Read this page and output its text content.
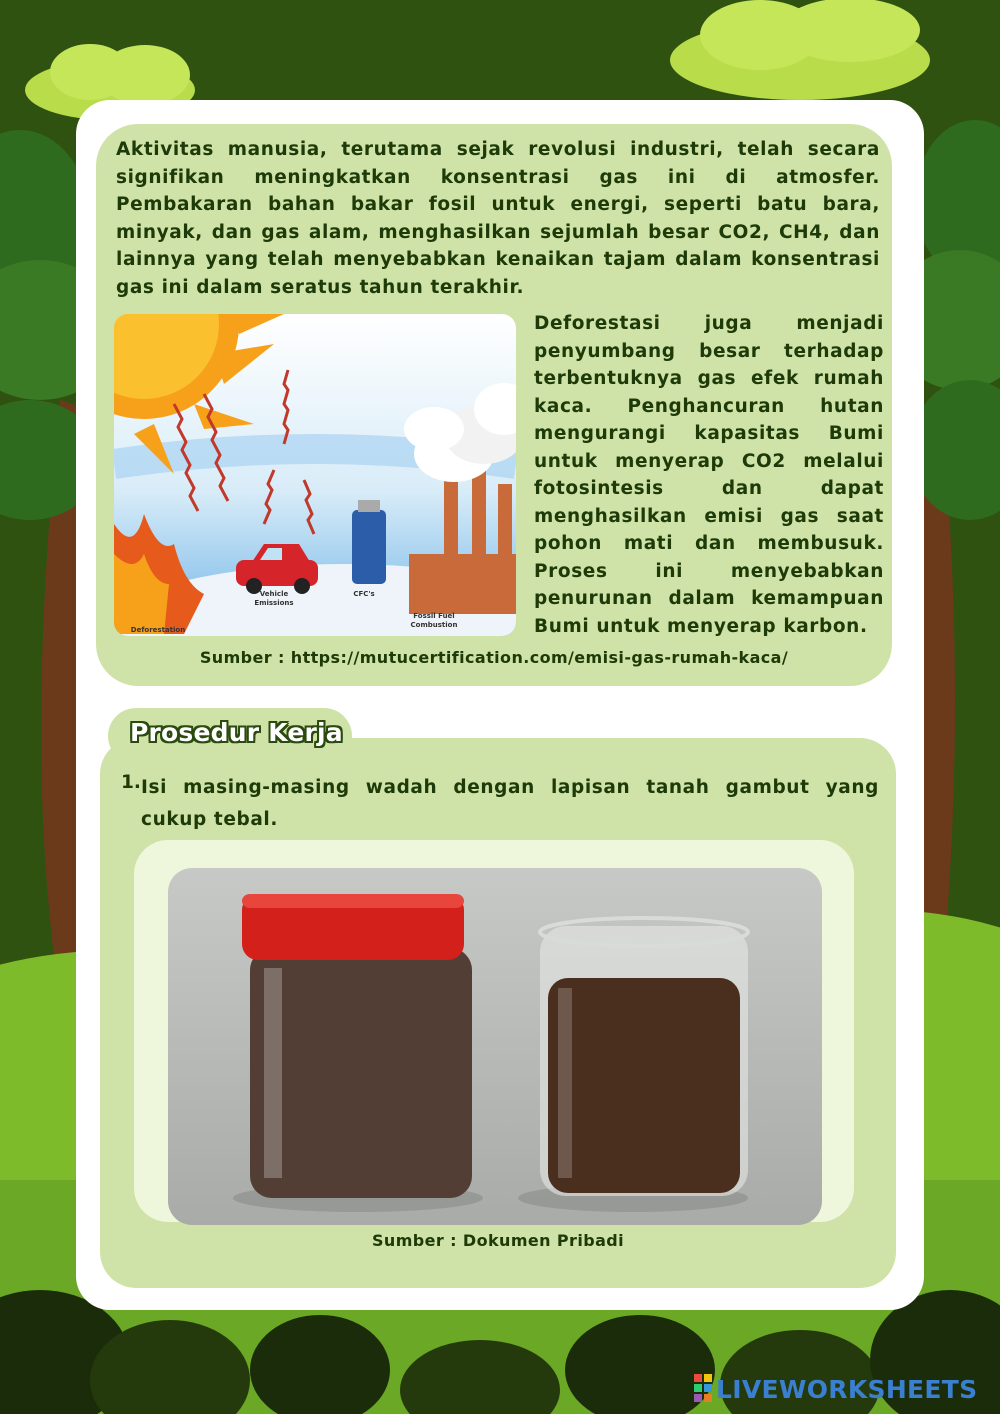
Aktivitas manusia, terutama sejak revolusi industri, telah secara signifikan meningkatkan konsentrasi gas ini di atmosfer. Pembakaran bahan bakar fosil untuk energi, seperti batu bara, minyak, dan gas alam, menghasilkan sejumlah besar CO2, CH4, dan lainnya yang telah menyebabkan kenaikan tajam dalam konsentrasi gas ini dalam seratus tahun terakhir.

Vehicle
Emissions
CFC's
Fossil Fuel
Combustion
Deforestation

Deforestasi juga menjadi penyumbang besar terhadap terbentuknya gas efek rumah kaca. Penghancuran hutan mengurangi kapasitas Bumi untuk menyerap CO2 melalui fotosintesis dan dapat menghasilkan emisi gas saat pohon mati dan membusuk. Proses ini menyebabkan penurunan dalam kemampuan Bumi untuk menyerap karbon.

Sumber : https://mutucertification.com/emisi-gas-rumah-kaca/
Prosedur Kerja
1. Isi masing-masing wadah dengan lapisan tanah gambut yang cukup tebal.

Sumber : Dokumen Pribadi
LIVEWORKSHEETS
